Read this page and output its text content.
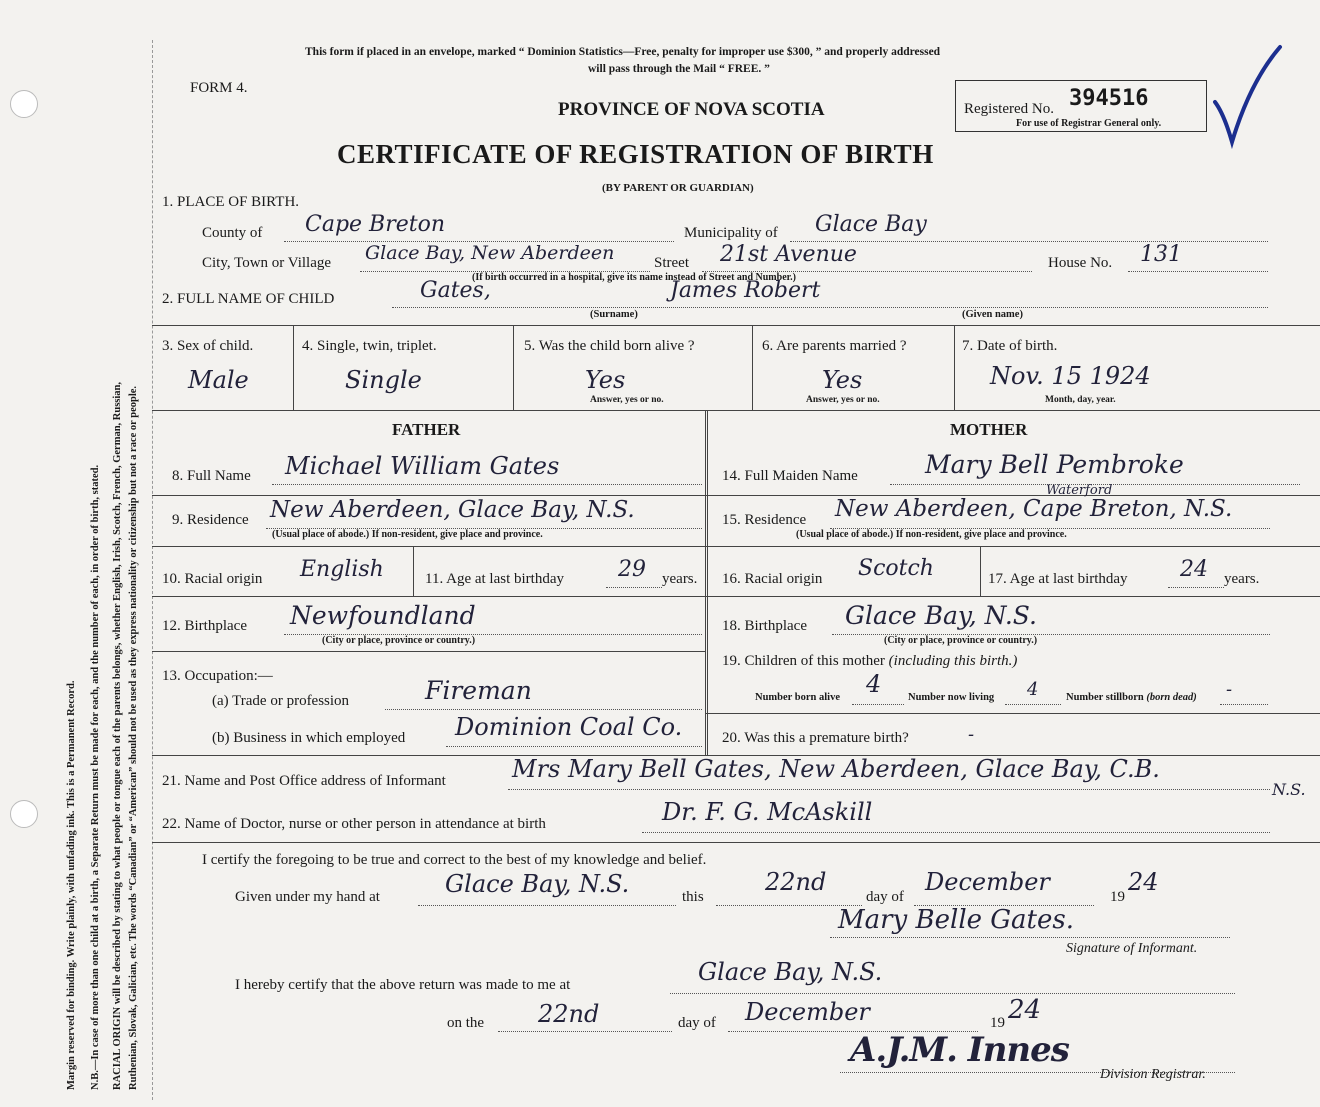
Margin reserved for binding. Write plainly, with unfading ink. This is a Permanent Record. N.B.—In case of more than one child at a birth, a Separate Return must be made for each, and the number of each, in order of birth, stated. RACIAL ORIGIN will be described by stating to what people or tongue each of the parents belongs, whether English, Irish, Scotch, French, German, Russian, Ruthenian, Slovak, Galician, etc. The words “Canadian” or “American” should not be used as they express nationality or citizenship but not a race or people.
This form if placed in an envelope, marked “ Dominion Statistics—Free, penalty for improper use $300, ” and properly addressed
will pass through the Mail “ FREE. ”
FORM 4.
PROVINCE OF NOVA SCOTIA
CERTIFICATE OF REGISTRATION OF BIRTH
(BY PARENT OR GUARDIAN)
Registered No. 394516
For use of Registrar General only.
1. PLACE OF BIRTH.
County of Cape Breton	Municipality of Glace Bay
City, Town or Village Glace Bay, New Aberdeen	Street 21st Avenue	House No. 131
(If birth occurred in a hospital, give its name instead of Street and Number.)
2. FULL NAME OF CHILD	Gates,	James Robert
(Surname)	(Given name)
3. Sex of child.
Male
4. Single, twin, triplet.
Single
5. Was the child born alive ?
Yes
Answer, yes or no.
6. Are parents married ?
Yes
Answer, yes or no.
7. Date of birth.
Nov. 15 1924
Month, day, year.
FATHER	MOTHER
8. Full Name Michael William Gates
9. Residence New Aberdeen, Glace Bay, N.S.
(Usual place of abode.) If non-resident, give place and province.
10. Racial origin English	11. Age at last birthday 29 years.
12. Birthplace Newfoundland
(City or place, province or country.)
13. Occupation:—
(a) Trade or profession	Fireman
(b) Business in which employed Dominion Coal Co.
14. Full Maiden Name	Mary Bell Pembroke
15. Residence
Waterford
New Aberdeen, Cape Breton, N.S.
(Usual place of abode.) If non-resident, give place and province.
16. Racial origin Scotch	17. Age at last birthday 24 years.
18. Birthplace Glace Bay, N.S.
(City or place, province or country.)
19. Children of this mother (including this birth.)
Number born alive 4	Number now living 4	Number stillborn (born dead) -
20. Was this a premature birth?	-
21. Name and Post Office address of Informant	Mrs Mary Bell Gates, New Aberdeen, Glace Bay, C.B.
N.S.
22. Name of Doctor, nurse or other person in attendance at birth	Dr. F. G. McAskill
I certify the foregoing to be true and correct to the best of my knowledge and belief.
Given under my hand at	Glace Bay, N.S.	this
22nd
day of
December
19
24
Mary Belle Gates.
Signature of Informant.
I hereby certify that the above return was made to me at	Glace Bay, N.S.
on the 22nd	day of December	19 24
A.J.M. Innes
Division Registrar.
